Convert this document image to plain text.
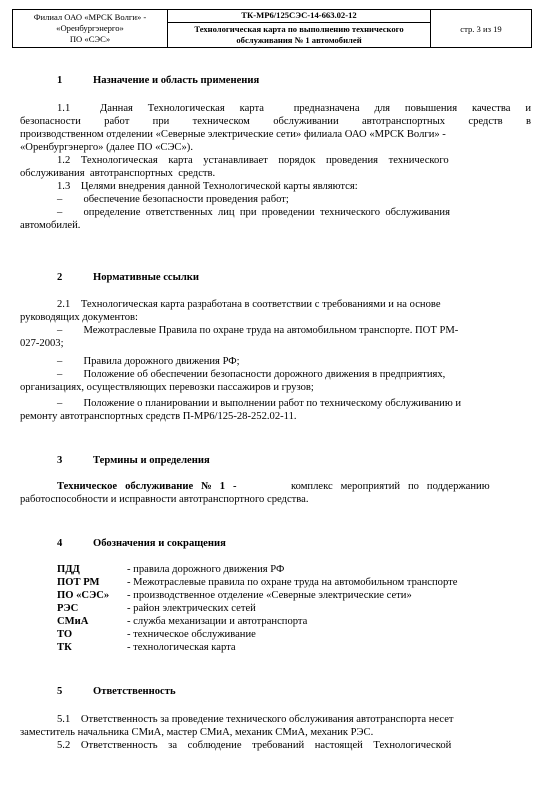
Филиал ОАО «МРСК Волги» -
«Оренбургэнерго»
ПО «СЭС»
ТК-МР6/125СЭС-14-663.02-12
Технологическая карта по выполнению технического
обслуживания № 1 автомобилей
стр. 3 из 19
1	Назначение и область применения
1.1    Данная  Технологическая  карта    предназначена  для  повышения  качества  и
безопасности   работ   при   техническом   обслуживании   автотранспортных   средств   в
производственном отделении «Северные электрические сети» филиала ОАО «МРСК Волги» -
«Оренбургэнерго» (далее ПО «СЭС»).
1.2    Технологическая    карта    устанавливает    порядок    проведения    технического
обслуживания  автотранспортных  средств.
1.3    Целями внедрения данной Технологической карты являются:
–        обеспечение безопасности проведения работ;
–        определение  ответственных  лиц  при  проведении  технического  обслуживания
автомобилей.
2	Нормативные ссылки
2.1    Технологическая карта разработана в соответствии с требованиями и на основе
руководящих документов:
–        Межотраслевые Правила по охране труда на автомобильном транспорте. ПОТ РМ-
027-2003;
–        Правила дорожного движения РФ;
–        Положение об обеспечении безопасности дорожного движения в предприятиях,
организациях, осуществляющих перевозки пассажиров и грузов;
–        Положение о планировании и выполнении работ по техническому обслуживанию и
ремонту автотранспортных средств П-МР6/125-28-252.02-11.
3	Термины и определения
Техническое   обслуживание   №   1   -	комплекс   мероприятий   по   поддержанию
работоспособности и исправности автотранспортного средства.
4	Обозначения и сокращения
ПДД	- правила дорожного движения РФ
ПОТ РМ	- Межотраслевые правила по охране труда на автомобильном транспорте
ПО «СЭС» - производственное отделение «Северные электрические сети»
РЭС	- район электрических сетей
СМиА	- служба механизации и автотранспорта
ТО	- техническое обслуживание
ТК	- технологическая карта
5	Ответственность
5.1    Ответственность за проведение технического обслуживания автотранспорта несет
заместитель начальника СМиА, мастер СМиА, механик СМиА, механик РЭС.
5.2    Ответственность    за    соблюдение    требований    настоящей    Технологической
